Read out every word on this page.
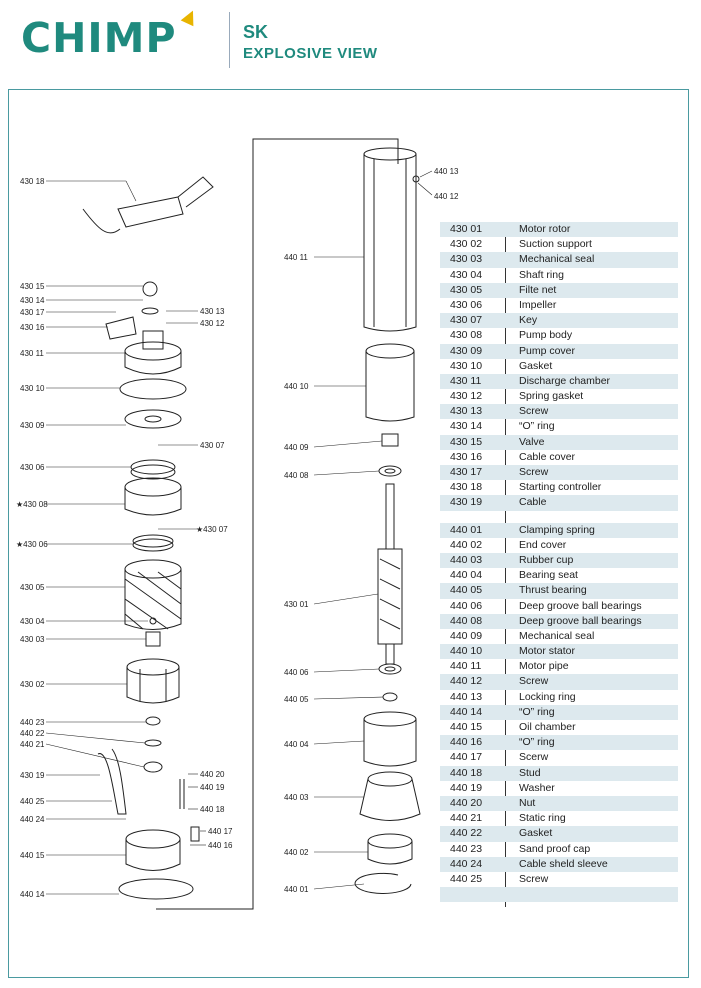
CHIMP	SK
EXPLOSIVE VIEW
430 18
430 15
430 14
430 17
430 16
430 13
430 12
430 11
430 10
430 09
430 07
430 06
★430 08
★430 07
★430 06
430 05
430 04
430 03
430 02
440 23
440 22
440 21
440 20
430 19
440 19
440 25
440 18
440 24
440 17
440 16
440 15
440 14
440 13
440 12
440 11
440 10
440 09
440 08
430 01
440 06
440 05
440 04
440 03
440 02
440 01
430 01	Motor rotor
430 02	Suction support
430 03	Mechanical seal
430 04	Shaft ring
430 05	Filte net
430 06	Impeller
430 07	Key
430 08	Pump body
430 09	Pump cover
430 10	Gasket
430 11	Discharge chamber
430 12	Spring gasket
430 13	Screw
430 14	“O” ring
430 15	Valve
430 16	Cable cover
430 17	Screw
430 18	Starting controller
430 19	Cable
440 01	Clamping spring
440 02	End cover
440 03	Rubber cup
440 04	Bearing seat
440 05	Thrust bearing
440 06	Deep groove ball bearings
440 08	Deep groove ball bearings
440 09	Mechanical seal
440 10	Motor stator
440 11	Motor pipe
440 12	Screw
440 13	Locking ring
440 14	“O” ring
440 15	Oil chamber
440 16	“O” ring
440 17	Scerw
440 18	Stud
440 19	Washer
440 20	Nut
440 21	Static ring
440 22	Gasket
440 23	Sand proof cap
440 24	Cable sheld sleeve
440 25	Screw
